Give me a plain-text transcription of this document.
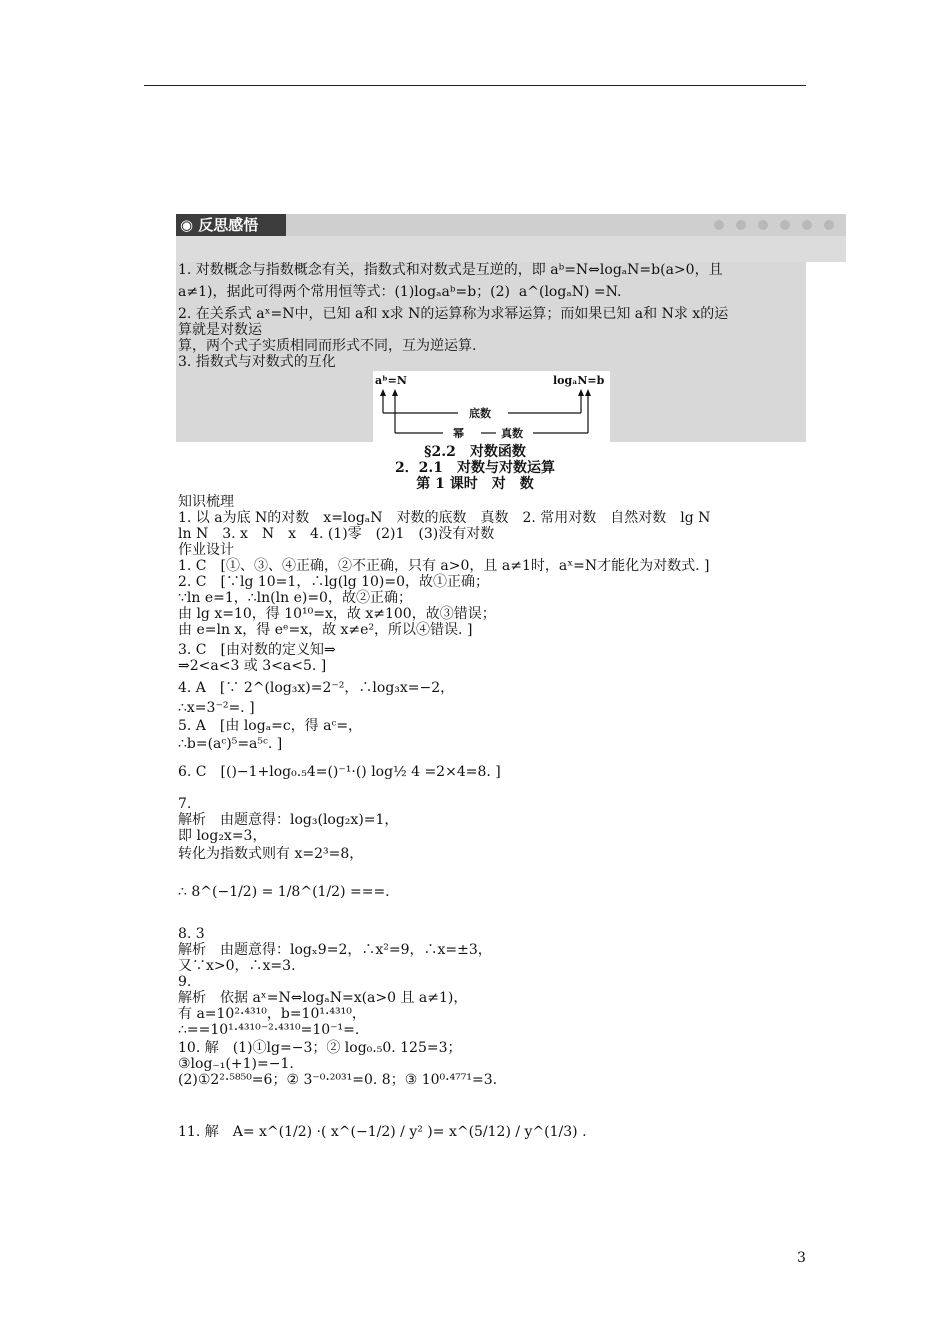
◉ 反思感悟
1. 对数概念与指数概念有关，指数式和对数式是互逆的，即 aᵇ=N⇔logₐN=b(a>0，且
a≠1)，据此可得两个常用恒等式：(1)logₐaᵇ=b；(2)  a^(logₐN) =N.
2. 在关系式 aˣ=N中，已知 a和 x求 N的运算称为求幂运算；而如果已知 a和 N求 x的运
算就是对数运
算，两个式子实质相同而形式不同，互为逆运算.
3. 指数式与对数式的互化
aᵇ=N	logₐN=b
底数
幂	真数
§2.2　对数函数
2．2.1　对数与对数运算
第 1 课时　对　数
知识梳理
1. 以 a为底 N的对数　x=logₐN　对数的底数　真数　2. 常用对数　自然对数　lg N
ln N　3. x　N　x　4. (1)零　(2)1　(3)没有对数
作业设计
1. C　[①、③、④正确，②不正确，只有 a>0，且 a≠1时，aˣ=N才能化为对数式. ]
2. C　[∵lg 10=1，∴lg(lg 10)=0，故①正确；
∵ln e=1，∴ln(ln e)=0，故②正确；
由 lg x=10，得 10¹⁰=x，故 x≠100，故③错误；
由 e=ln x，得 eᵉ=x，故 x≠e²，所以④错误. ]
3. C　[由对数的定义知⇒
⇒2<a<3 或 3<a<5. ]
4. A　[∵ 2^(log₃x)=2⁻²，∴log₃x=−2，
∴x=3⁻²=. ]
5. A　[由 logₐ=c，得 aᶜ=，
∴b=(aᶜ)⁵=a⁵ᶜ. ]
6. C　[()−1+log₀.₅4=()⁻¹·() log½ 4 =2×4=8. ]
7.
解析　由题意得：log₃(log₂x)=1，
即 log₂x=3，
转化为指数式则有 x=2³=8，
∴ 8^(−1/2) = 1/8^(1/2) ===.
8. 3
解析　由题意得：logₓ9=2，∴x²=9，∴x=±3，
又∵x>0，∴x=3.
9.
解析　依据 aˣ=N⇔logₐN=x(a>0 且 a≠1)，
有 a=10²·⁴³¹⁰，b=10¹·⁴³¹⁰，
∴==10¹·⁴³¹⁰⁻²·⁴³¹⁰=10⁻¹=.
10. 解　(1)①lg=−3；② log₀.₅0. 125=3；
③log₋₁(+1)=−1.
(2)①2²·⁵⁸⁵⁰=6；② 3⁻⁰·²⁰³¹=0. 8；③ 10⁰·⁴⁷⁷¹=3.
11. 解　A= x^(1/2) ·( x^(−1/2) / y² )= x^(5/12) / y^(1/3) .
3
